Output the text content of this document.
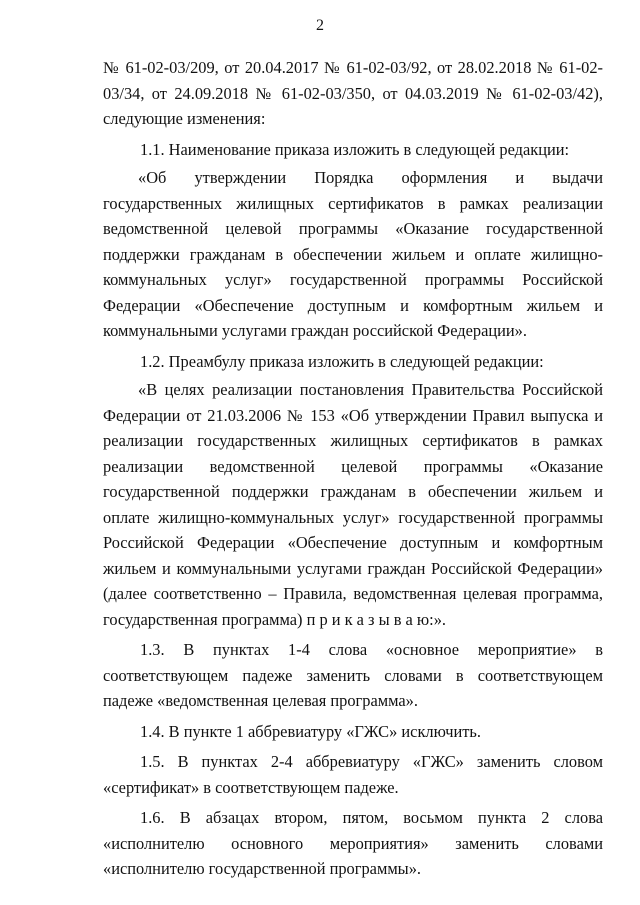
2

№ 61-02-03/209, от 20.04.2017 № 61-02-03/92, от 28.02.2018 № 61-02-03/34, от 24.09.2018 № 61-02-03/350, от 04.03.2019 № 61-02-03/42), следующие изменения:

1.1. Наименование приказа изложить в следующей редакции:

«Об утверждении Порядка оформления и выдачи государственных жилищных сертификатов в рамках реализации ведомственной целевой программы «Оказание государственной поддержки гражданам в обеспечении жильем и оплате жилищно-коммунальных услуг» государственной программы Российской Федерации «Обеспечение доступным и комфортным жильем и коммунальными услугами граждан российской Федерации».

1.2. Преамбулу приказа изложить в следующей редакции:

«В целях реализации постановления Правительства Российской Федерации от 21.03.2006 № 153 «Об утверждении Правил выпуска и реализации государственных жилищных сертификатов в рамках реализации ведомственной целевой программы «Оказание государственной поддержки гражданам в обеспечении жильем и оплате жилищно-коммунальных услуг» государственной программы Российской Федерации «Обеспечение доступным и комфортным жильем и коммунальными услугами граждан Российской Федерации» (далее соответственно – Правила, ведомственная целевая программа, государственная программа) п р и к а з ы в а ю:».

1.3. В пунктах 1-4 слова «основное мероприятие» в соответствующем падеже заменить словами в соответствующем падеже «ведомственная целевая программа».

1.4. В пункте 1 аббревиатуру «ГЖС» исключить.

1.5. В пунктах 2-4 аббревиатуру «ГЖС» заменить словом «сертификат» в соответствующем падеже.

1.6. В абзацах втором, пятом, восьмом пункта 2 слова «исполнителю основного мероприятия» заменить словами «исполнителю государственной программы».
